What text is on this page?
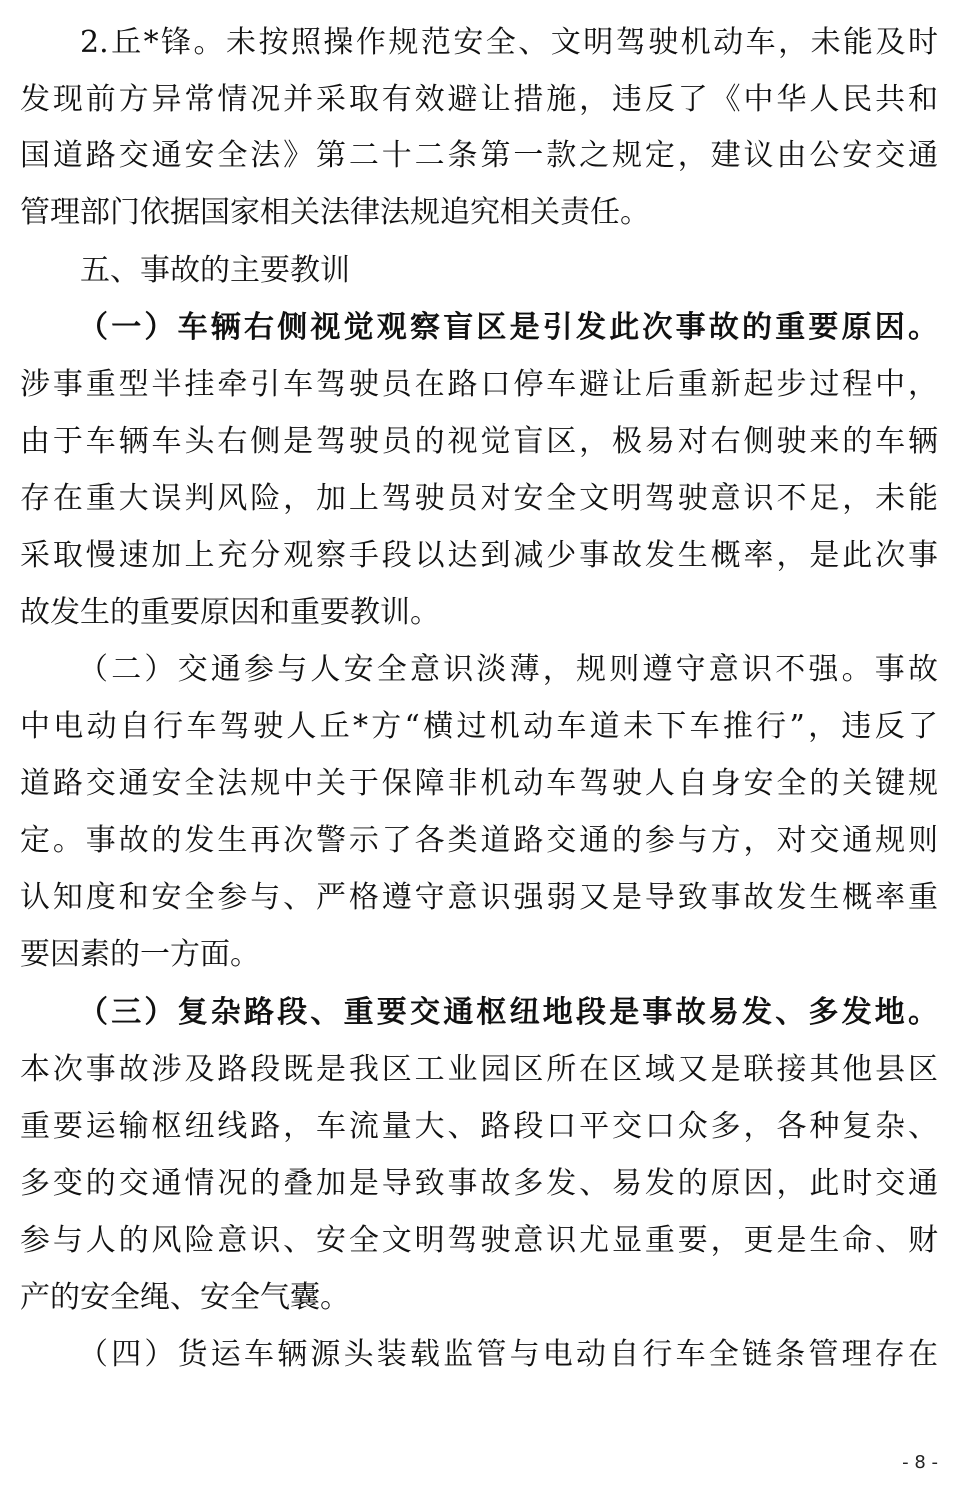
2.丘*锋。未按照操作规范安全、文明驾驶机动车，未能及时
发现前方异常情况并采取有效避让措施，违反了《中华人民共和
国道路交通安全法》第二十二条第一款之规定，建议由公安交通
管理部门依据国家相关法律法规追究相关责任。
五、事故的主要教训
（一）车辆右侧视觉观察盲区是引发此次事故的重要原因。
涉事重型半挂牵引车驾驶员在路口停车避让后重新起步过程中，
由于车辆车头右侧是驾驶员的视觉盲区，极易对右侧驶来的车辆
存在重大误判风险，加上驾驶员对安全文明驾驶意识不足，未能
采取慢速加上充分观察手段以达到减少事故发生概率，是此次事
故发生的重要原因和重要教训。
（二）交通参与人安全意识淡薄，规则遵守意识不强。事故
中电动自行车驾驶人丘*方“横过机动车道未下车推行”，违反了
道路交通安全法规中关于保障非机动车驾驶人自身安全的关键规
定。事故的发生再次警示了各类道路交通的参与方，对交通规则
认知度和安全参与、严格遵守意识强弱又是导致事故发生概率重
要因素的一方面。
（三）复杂路段、重要交通枢纽地段是事故易发、多发地。
本次事故涉及路段既是我区工业园区所在区域又是联接其他县区
重要运输枢纽线路，车流量大、路段口平交口众多，各种复杂、
多变的交通情况的叠加是导致事故多发、易发的原因，此时交通
参与人的风险意识、安全文明驾驶意识尤显重要，更是生命、财
产的安全绳、安全气囊。
（四）货运车辆源头装载监管与电动自行车全链条管理存在
- 8 -
